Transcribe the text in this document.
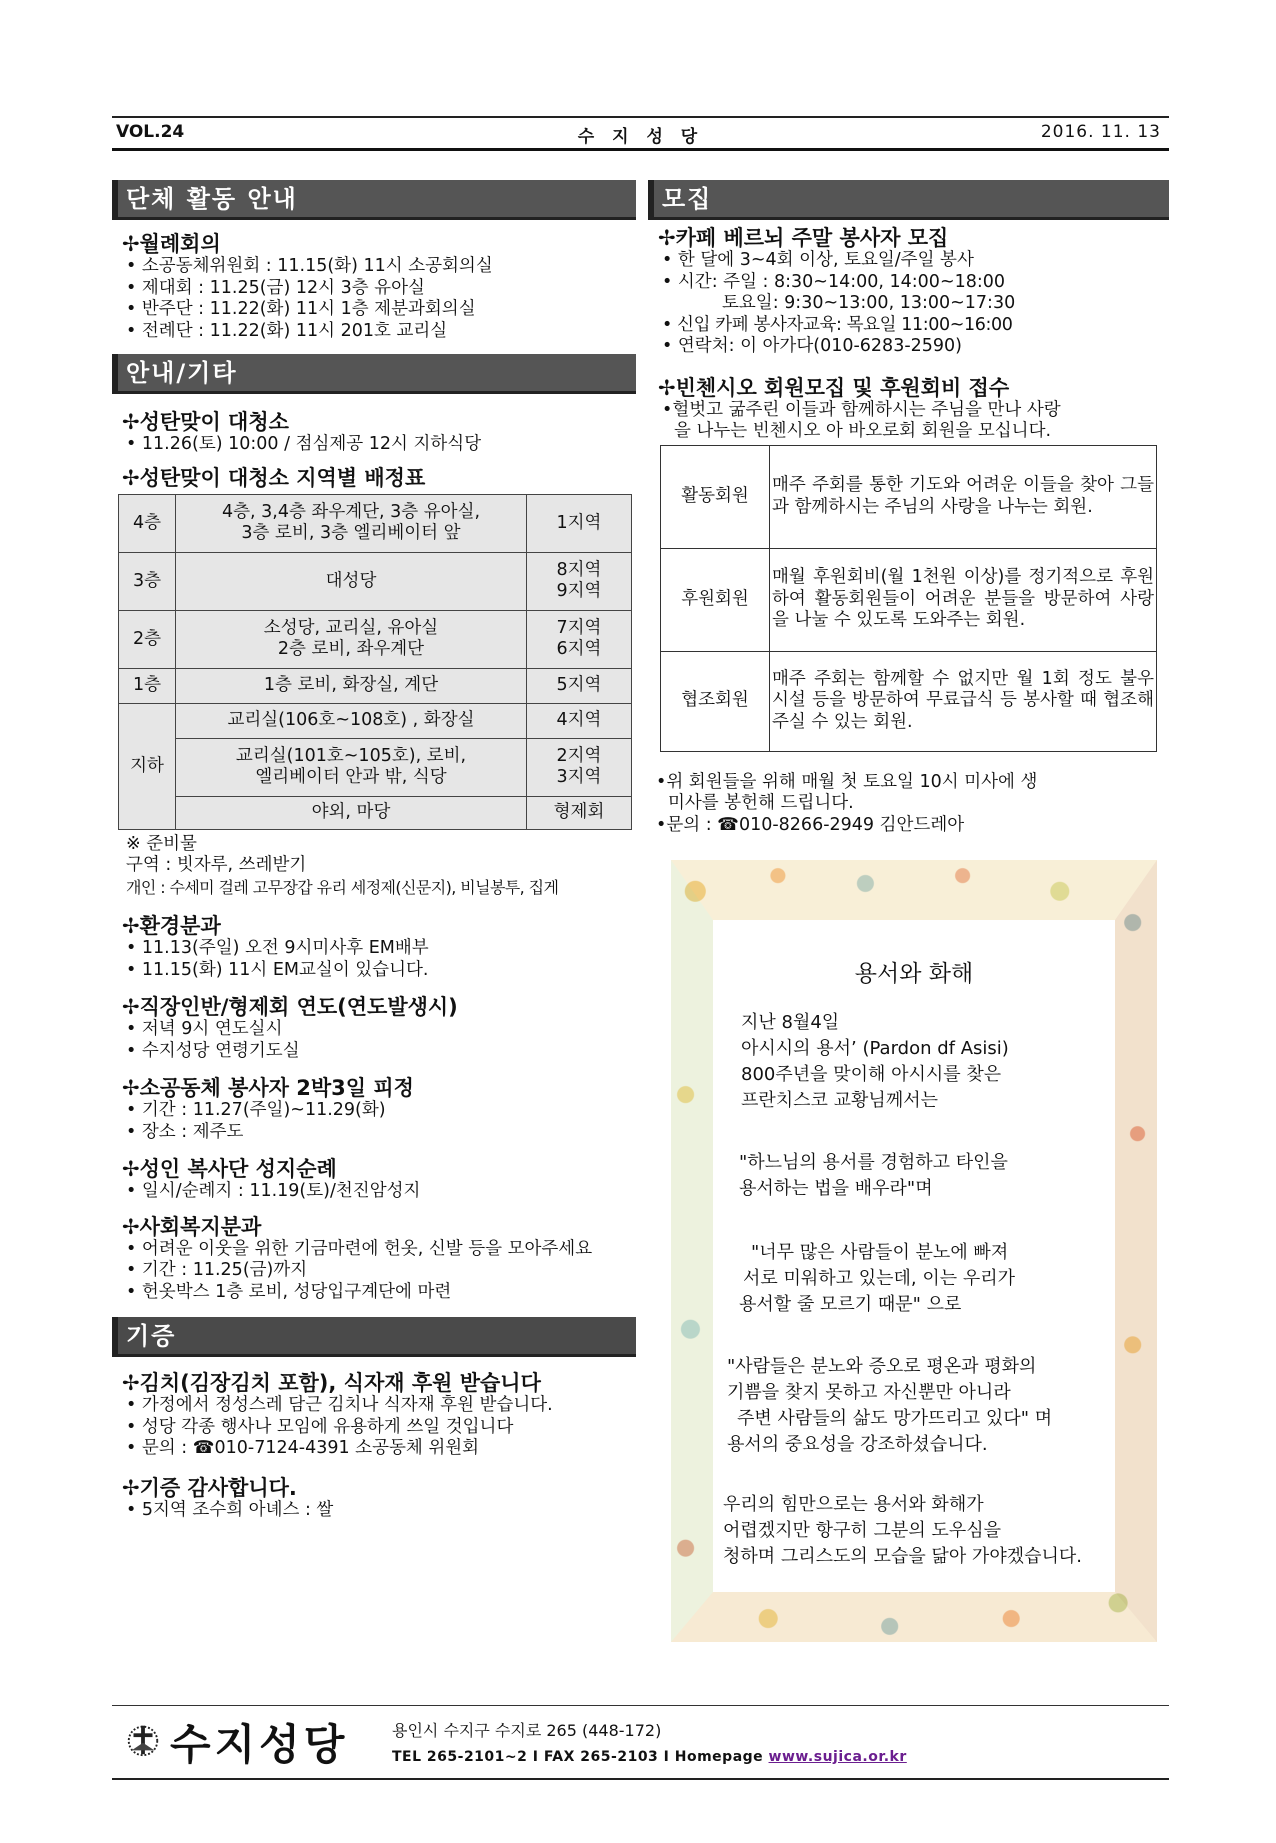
VOL.24	수 지 성 당	2016. 11. 13
단체 활동 안내
✢월례회의
• 소공동체위원회 : 11.15(화) 11시 소공회의실
• 제대회 : 11.25(금) 12시 3층 유아실
• 반주단 : 11.22(화) 11시 1층 제분과회의실
• 전례단 : 11.22(화) 11시 201호 교리실
안내/기타
✢성탄맞이 대청소
• 11.26(토) 10:00 / 점심제공 12시 지하식당
✢성탄맞이 대청소 지역별 배정표
4층	4층, 3,4층 좌우계단, 3층 유아실,
3층 로비, 3층 엘리베이터 앞	1지역
3층	대성당	8지역
9지역

2층	소성당, 교리실, 유아실
2층 로비, 좌우계단	7지역
6지역

1층	1층 로비, 화장실, 계단	5지역
지하	교리실(106호~108호) , 화장실	4지역

	교리실(101호~105호), 로비,
엘리베이터 안과 밖, 식당	2지역
3지역

	야외, 마당	형제회
※ 준비물
구역 : 빗자루, 쓰레받기
개인 : 수세미 걸레 고무장갑 유리 세정제(신문지), 비닐봉투, 집게
✢환경분과
• 11.13(주일) 오전 9시미사후 EM배부
• 11.15(화) 11시 EM교실이 있습니다.
✢직장인반/형제회 연도(연도발생시)
• 저녁 9시 연도실시
• 수지성당 연령기도실
✢소공동체 봉사자 2박3일 피정
• 기간 : 11.27(주일)~11.29(화)
• 장소 : 제주도
✢성인 복사단 성지순례
• 일시/순례지 : 11.19(토)/천진암성지
✢사회복지분과
• 어려운 이웃을 위한 기금마련에 헌옷, 신발 등을 모아주세요
• 기간 : 11.25(금)까지
• 헌옷박스 1층 로비, 성당입구계단에 마련
기증
✢김치(김장김치 포함), 식자재 후원 받습니다
• 가정에서 정성스레 담근 김치나 식자재 후원 받습니다.
• 성당 각종 행사나 모임에 유용하게 쓰일 것입니다
• 문의 : ☎010-7124-4391 소공동체 위원회
✢기증 감사합니다.
• 5지역 조수희 아녜스 : 쌀
모집
✢카페 베르뇌 주말 봉사자 모집
• 한 달에 3~4회 이상, 토요일/주일 봉사
• 시간: 주일 : 8:30~14:00, 14:00~18:00
토요일: 9:30~13:00, 13:00~17:30
• 신입 카페 봉사자교육: 목요일 11:00~16:00
• 연락처: 이 아가다(010-6283-2590)
✢빈첸시오 회원모집 및 후원회비 접수
•헐벗고 굶주린 이들과 함께하시는 주님을 만나 사랑
을 나누는 빈첸시오 아 바오로회 회원을 모십니다.
활동회원	매주 주회를 통한 기도와 어려운 이들을 찾아 그들과 함께하시는 주님의 사랑을 나누는 회원.
후원회원	매월 후원회비(월 1천원 이상)를 정기적으로 후원하여 활동회원들이 어려운 분들을 방문하여 사랑을 나눌 수 있도록 도와주는 회원.
협조회원	매주 주회는 함께할 수 없지만 월 1회 정도 불우 시설 등을 방문하여 무료급식 등 봉사할 때 협조해 주실 수 있는 회원.
•위 회원들을 위해 매월 첫 토요일 10시 미사에 생
미사를 봉헌해 드립니다.
•문의 : ☎010-8266-2949 김안드레아
용서와 화해
지난 8월4일
아시시의 용서’ (Pardon df Asisi)
800주년을 맞이해 아시시를 찾은
프란치스코 교황님께서는
"하느님의 용서를 경험하고 타인을
용서하는 법을 배우라"며
"너무 많은 사람들이 분노에 빠져
서로 미워하고 있는데, 이는 우리가
용서할 줄 모르기 때문" 으로
"사람들은 분노와 증오로 평온과 평화의
기쁨을 찾지 못하고 자신뿐만 아니라
주변 사람들의 삶도 망가뜨리고 있다" 며
용서의 중요성을 강조하셨습니다.
우리의 힘만으로는 용서와 화해가
어렵겠지만 항구히 그분의 도우심을
청하며 그리스도의 모습을 닮아 가야겠습니다.
수지성당	용인시 수지구 수지로 265 (448-172)
TEL 265-2101~2 I FAX 265-2103 I Homepage www.sujica.or.kr
